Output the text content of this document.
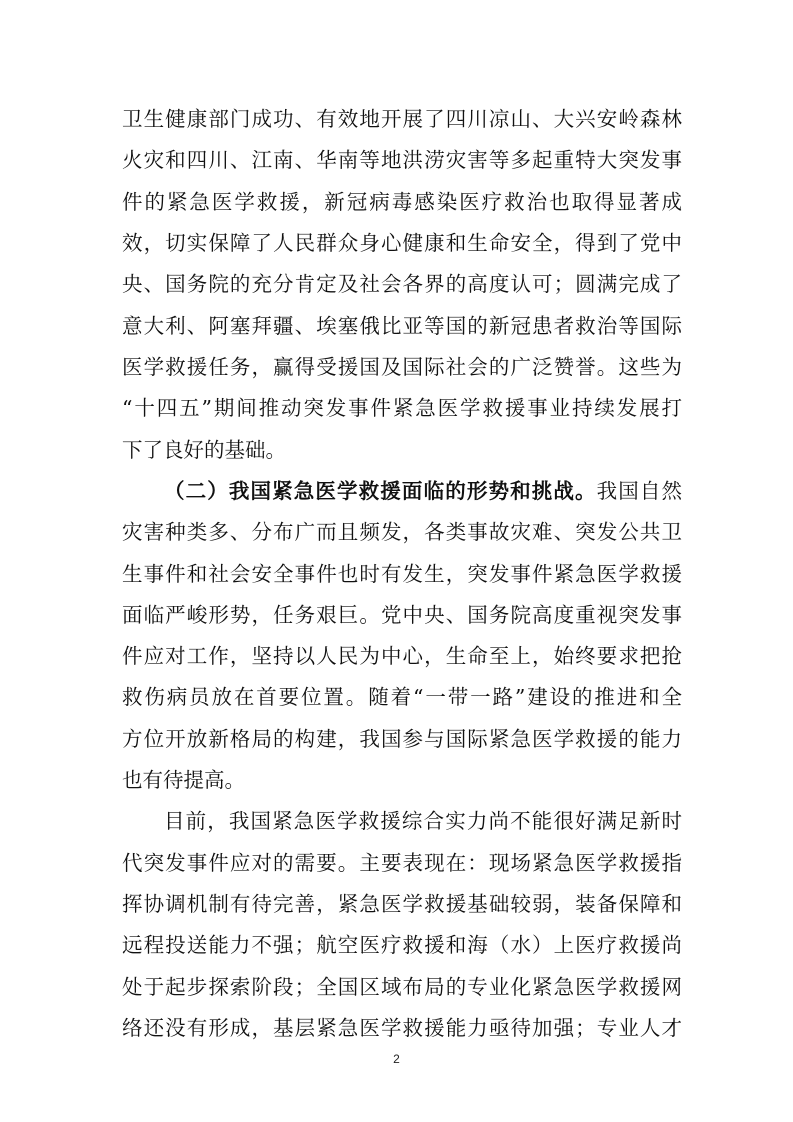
卫生健康部门成功、有效地开展了四川凉山、大兴安岭森林
火灾和四川、江南、华南等地洪涝灾害等多起重特大突发事
件的紧急医学救援，新冠病毒感染医疗救治也取得显著成
效，切实保障了人民群众身心健康和生命安全，得到了党中
央、国务院的充分肯定及社会各界的高度认可；圆满完成了
意大利、阿塞拜疆、埃塞俄比亚等国的新冠患者救治等国际
医学救援任务，赢得受援国及国际社会的广泛赞誉。这些为
“十四五”期间推动突发事件紧急医学救援事业持续发展打
下了良好的基础。
（二）我国紧急医学救援面临的形势和挑战。我国自然
灾害种类多、分布广而且频发，各类事故灾难、突发公共卫
生事件和社会安全事件也时有发生，突发事件紧急医学救援
面临严峻形势，任务艰巨。党中央、国务院高度重视突发事
件应对工作，坚持以人民为中心，生命至上，始终要求把抢
救伤病员放在首要位置。随着“一带一路”建设的推进和全
方位开放新格局的构建，我国参与国际紧急医学救援的能力
也有待提高。
目前，我国紧急医学救援综合实力尚不能很好满足新时
代突发事件应对的需要。主要表现在：现场紧急医学救援指
挥协调机制有待完善，紧急医学救援基础较弱，装备保障和
远程投送能力不强；航空医疗救援和海（水）上医疗救援尚
处于起步探索阶段；全国区域布局的专业化紧急医学救援网
络还没有形成，基层紧急医学救援能力亟待加强；专业人才
2
